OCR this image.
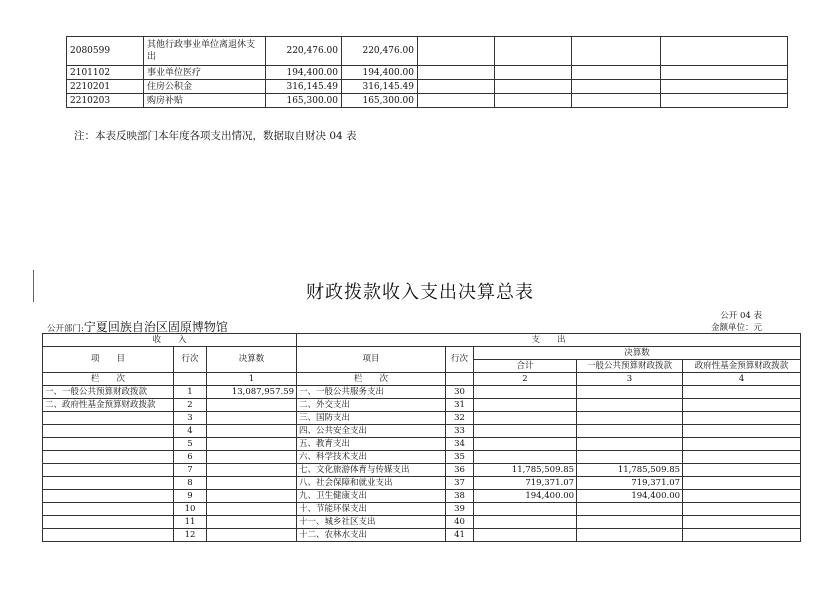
2080599	其他行政事业单位离退休支出	220,476.00	220,476.00				
2101102	事业单位医疗	194,400.00	194,400.00				
2210201	住房公积金	316,145.49	316,145.49				
2210203	购房补贴	165,300.00	165,300.00				
注：本表反映部门本年度各项支出情况，数据取自财决 04 表
财政拨款收入支出决算总表
公开 04 表
公开部门:宁夏回族自治区固原博物馆	金额单位：元
收　　入			支　　出				
项　　目	行次	决算数	项目	行次	决算数		
					合计	一般公共预算财政拨款	政府性基金预算财政拨款
栏　　次		1	栏　　次		2	3	4
一、一般公共预算财政拨款	1	13,087,957.59	一、一般公共服务支出	30			
二、政府性基金预算财政拨款	2		二、外交支出	31			
	3		三、国防支出	32			
	4		四、公共安全支出	33			
	5		五、教育支出	34			
	6		六、科学技术支出	35			
	7		七、文化旅游体育与传媒支出	36	11,785,509.85	11,785,509.85	
	8		八、社会保障和就业支出	37	719,371.07	719,371.07	
	9		九、卫生健康支出	38	194,400.00	194,400.00	
	10		十、节能环保支出	39			
	11		十一、城乡社区支出	40			
	12		十二、农林水支出	41			
